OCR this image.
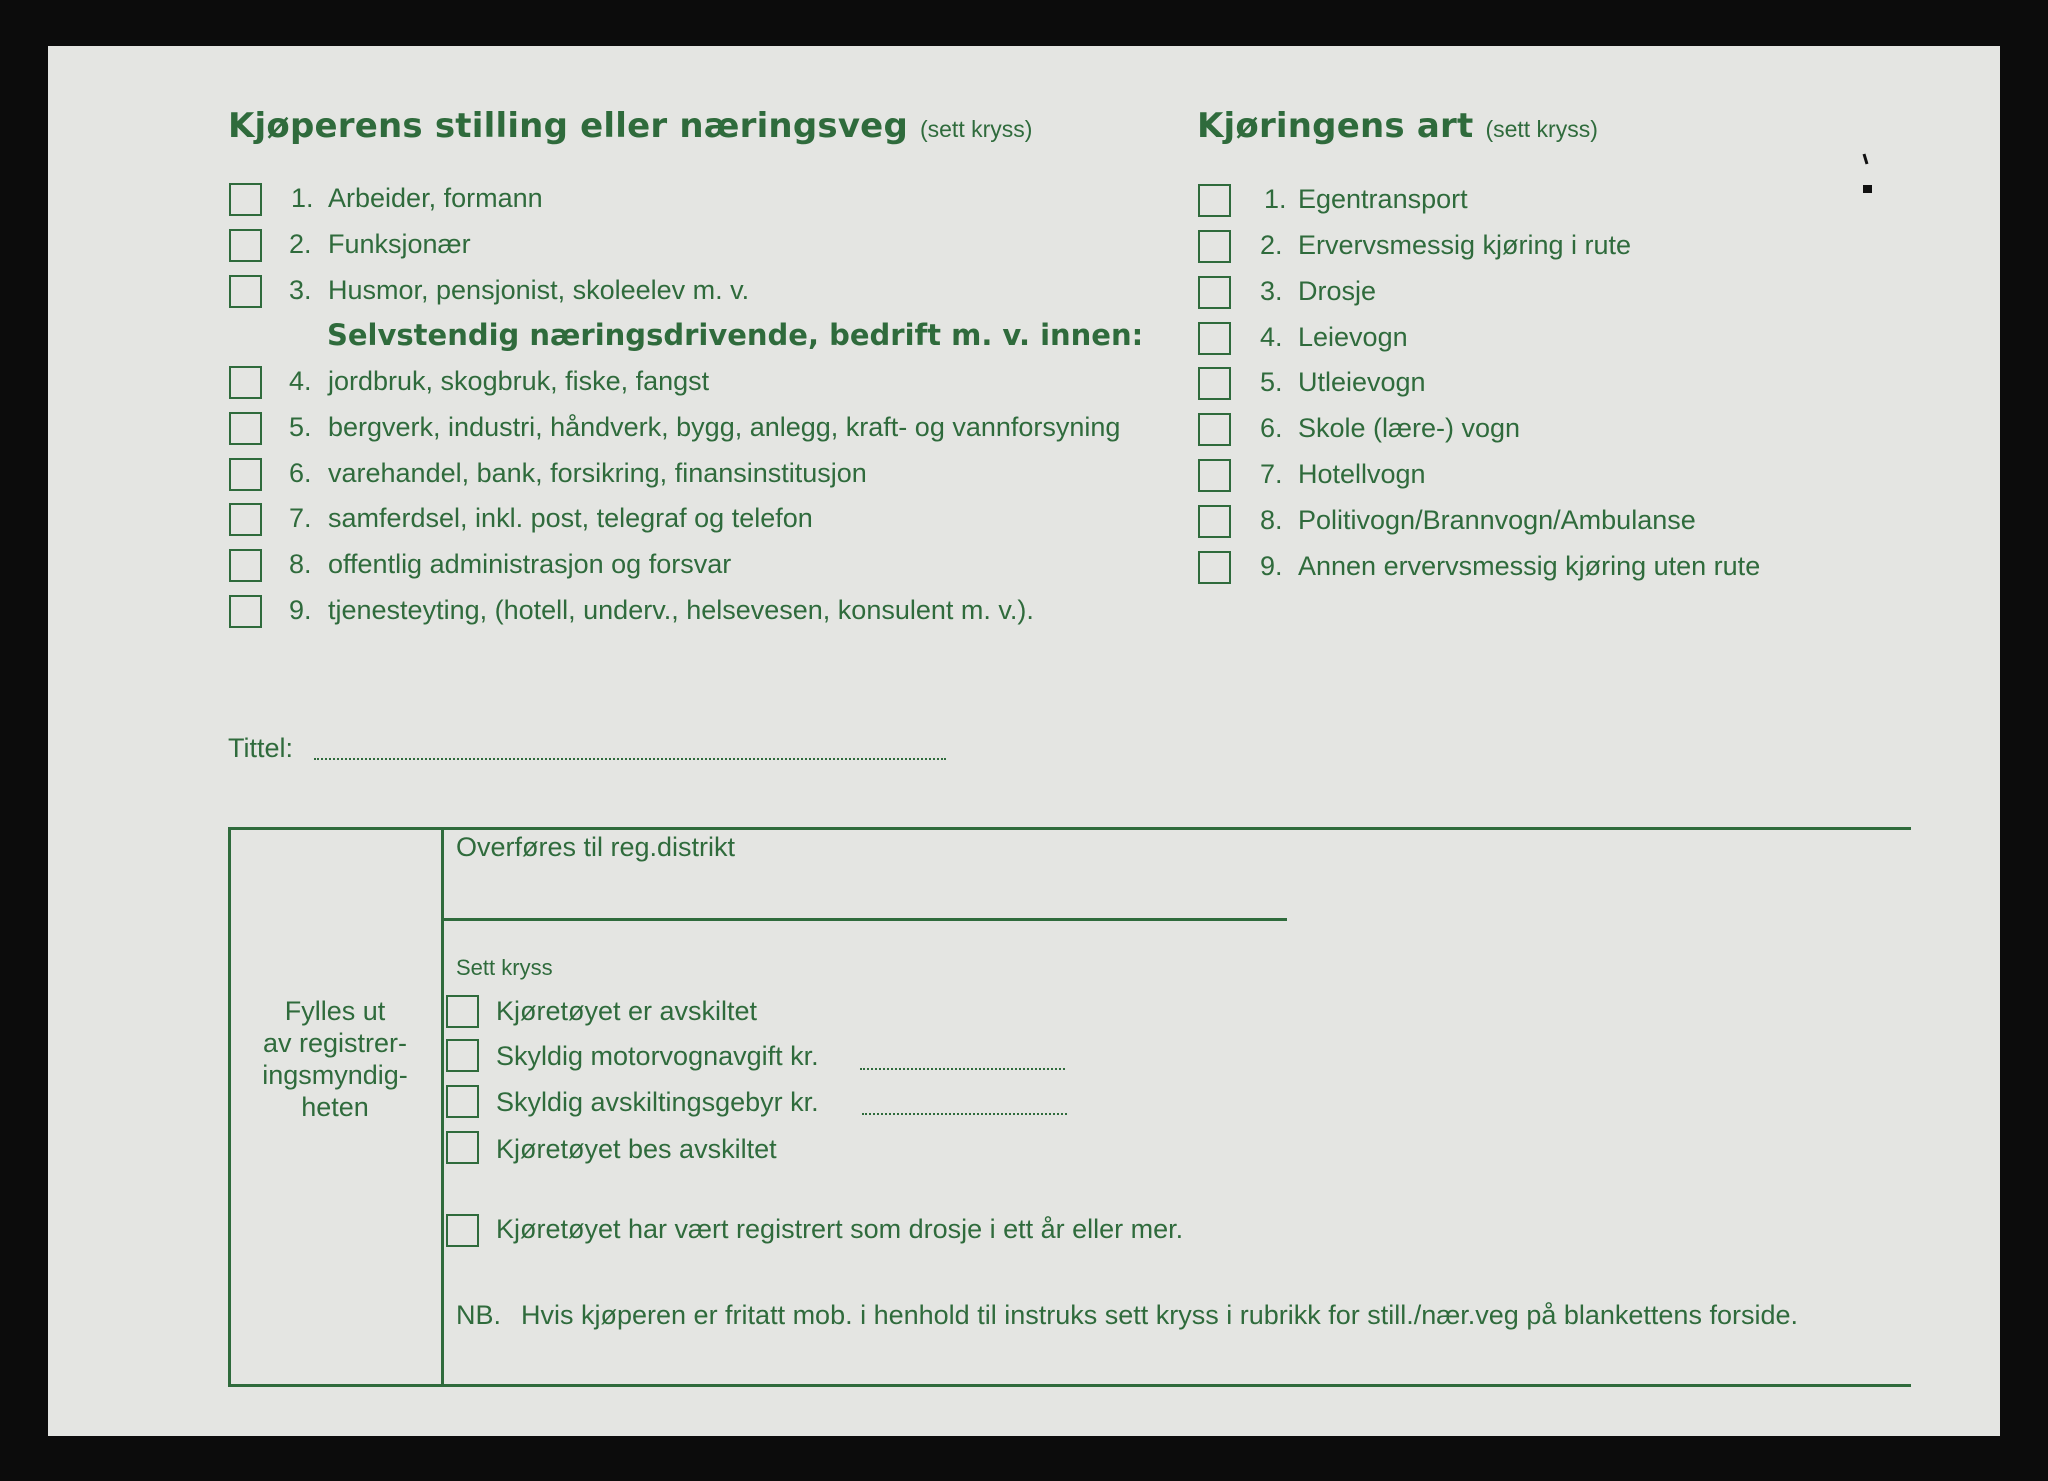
Kjøperens stilling eller næringsveg (sett kryss)	Kjøringens art (sett kryss)
1. Arbeider, formann
2. Funksjonær
3. Husmor, pensjonist, skoleelev m. v.
Selvstendig næringsdrivende, bedrift m. v. innen:
4. jordbruk, skogbruk, fiske, fangst
5. bergverk, industri, håndverk, bygg, anlegg, kraft- og vannforsyning
6. varehandel, bank, forsikring, finansinstitusjon
7. samferdsel, inkl. post, telegraf og telefon
8. offentlig administrasjon og forsvar
9. tjenesteyting, (hotell, underv., helsevesen, konsulent m. v.).
1. Egentransport
2. Ervervsmessig kjøring i rute
3. Drosje
4. Leievogn
5. Utleievogn
6. Skole (lære-) vogn
7. Hotellvogn
8. Politivogn/Brannvogn/Ambulanse
9. Annen ervervsmessig kjøring uten rute
Tittel:
Fylles ut
av registrer-
ingsmyndig-
heten
Overføres til reg.distrikt
Sett kryss
Kjøretøyet er avskiltet
Skyldig motorvognavgift kr.
Skyldig avskiltingsgebyr kr.
Kjøretøyet bes avskiltet
Kjøretøyet har vært registrert som drosje i ett år eller mer.
NB. Hvis kjøperen er fritatt mob. i henhold til instruks sett kryss i rubrikk for still./nær.veg på blankettens forside.
